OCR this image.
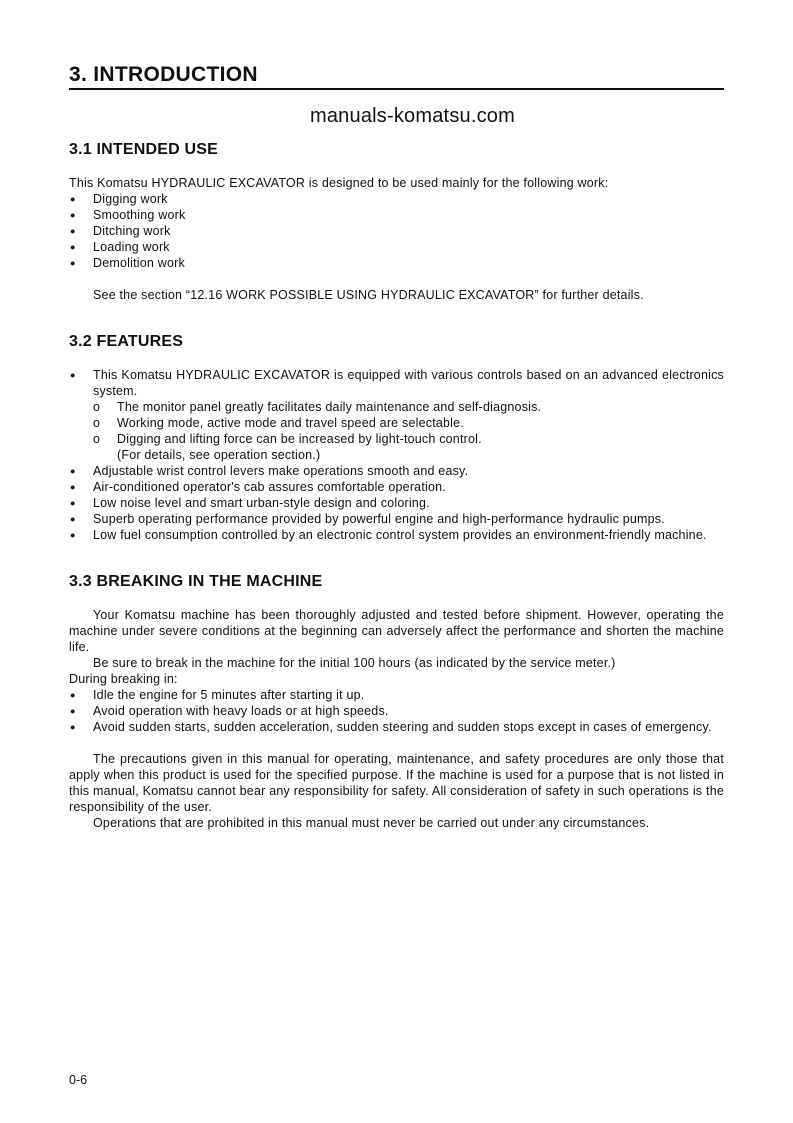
3. INTRODUCTION
manuals-komatsu.com
3.1 INTENDED USE
This Komatsu HYDRAULIC EXCAVATOR is designed to be used mainly for the following work:
● Digging work
● Smoothing work
● Ditching work
● Loading work
● Demolition work
See the section “12.16 WORK POSSIBLE USING HYDRAULIC EXCAVATOR” for further details.
3.2 FEATURES
● This Komatsu HYDRAULIC EXCAVATOR is equipped with various controls based on an advanced electronics system.
o The monitor panel greatly facilitates daily maintenance and self-diagnosis.
o Working mode, active mode and travel speed are selectable.
o Digging and lifting force can be increased by light-touch control.
(For details, see operation section.)
● Adjustable wrist control levers make operations smooth and easy.
● Air-conditioned operator's cab assures comfortable operation.
● Low noise level and smart urban-style design and coloring.
● Superb operating performance provided by powerful engine and high-performance hydraulic pumps.
● Low fuel consumption controlled by an electronic control system provides an environment-friendly machine.
3.3 BREAKING IN THE MACHINE
Your Komatsu machine has been thoroughly adjusted and tested before shipment. However, operating the machine under severe conditions at the beginning can adversely affect the performance and shorten the machine life.
Be sure to break in the machine for the initial 100 hours (as indicated by the service meter.)
During breaking in:
● Idle the engine for 5 minutes after starting it up.
● Avoid operation with heavy loads or at high speeds.
● Avoid sudden starts, sudden acceleration, sudden steering and sudden stops except in cases of emergency.
The precautions given in this manual for operating, maintenance, and safety procedures are only those that apply when this product is used for the specified purpose. If the machine is used for a purpose that is not listed in this manual, Komatsu cannot bear any responsibility for safety. All consideration of safety in such operations is the responsibility of the user.
Operations that are prohibited in this manual must never be carried out under any circumstances.
0-6
